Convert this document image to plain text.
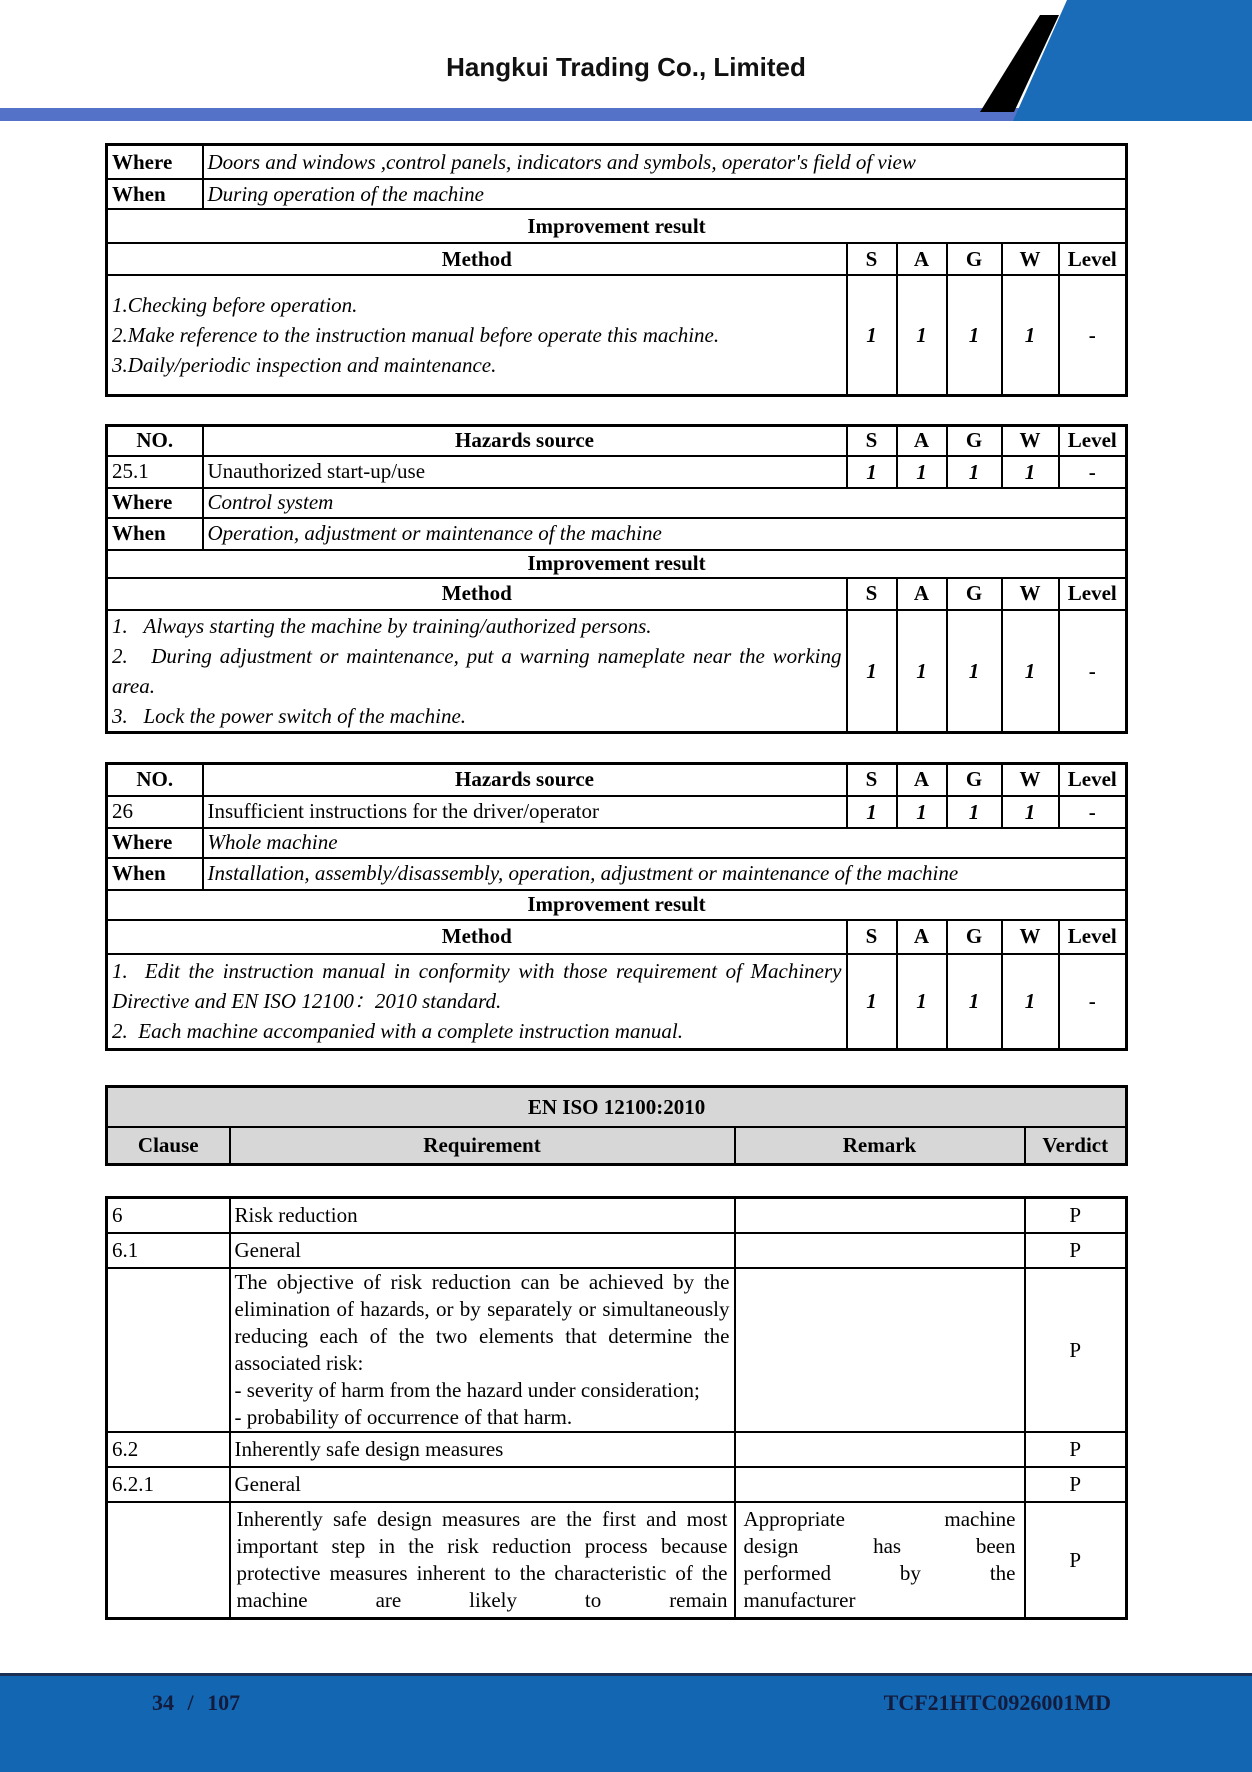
Hangkui Trading Co., Limited
Where	Doors and windows ,control panels, indicators and symbols, operator's field of view					
When	During operation of the machine					
Improvement result						
Method		S	A	G	W	Level

1.Checking before operation.
2.Make reference to the instruction manual before operate this machine.
3.Daily/periodic inspection and maintenance.		1	1	1	1	-
NO.	Hazards source	S	A	G	W	Level
25.1	Unauthorized start-up/use	1	1	1	1	-
Where	Control system					
When	Operation, adjustment or maintenance of the machine					
Improvement result						
Method		S	A	G	W	Level

1.   Always starting the machine by training/authorized persons.
2.   During adjustment or maintenance, put a warning nameplate near the working area.
3.   Lock the power switch of the machine.		1	1	1	1	-
NO.	Hazards source	S	A	G	W	Level
26	Insufficient instructions for the driver/operator	1	1	1	1	-
Where	Whole machine					
When	Installation, assembly/disassembly, operation, adjustment or maintenance of the machine					
Improvement result						
Method		S	A	G	W	Level

1.  Edit the instruction manual in conformity with those requirement of Machinery Directive and EN ISO 12100：2010 standard.
2.  Each machine accompanied with a complete instruction manual.		1	1	1	1	-
EN ISO 12100:2010
Clause	Requirement	Remark	Verdict
6	Risk reduction		P
6.1	General		P

	The objective of risk reduction can be achieved by the elimination of hazards, or by separately or simultaneously reducing each of the two elements that determine the associated risk:
- severity of harm from the hazard under consideration;
- probability of occurrence of that harm.		P
6.2	Inherently safe design measures		P
6.2.1	General		P

	Inherently safe design measures are the first and most important step in the risk reduction process because protective measures inherent to the characteristic of the machine are likely to remain	Appropriate machine
design has been
performed by the
manufacturer	P
34 / 107	TCF21HTC0926001MD
